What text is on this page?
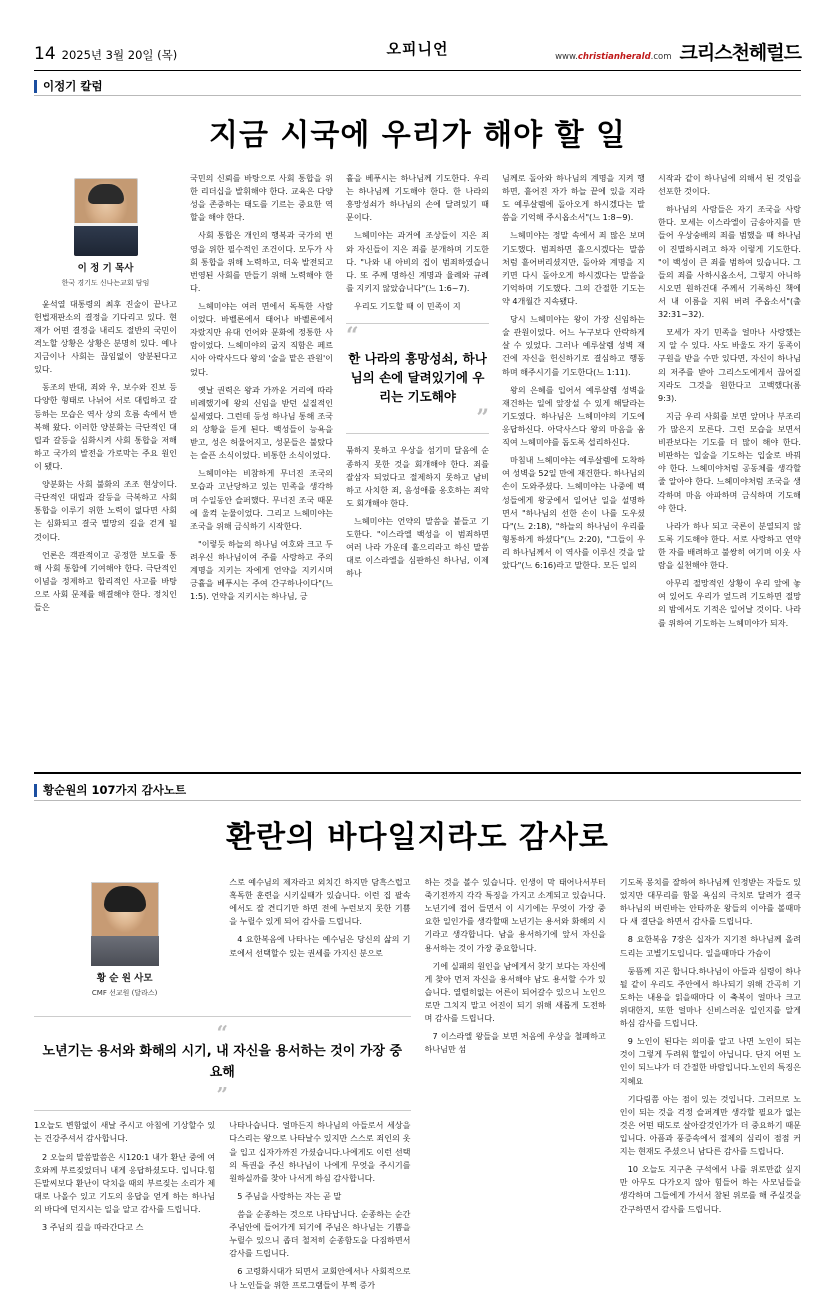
14 2025년 3월 20일 (목)	오피니언	www.christianherald.com 크리스천헤럴드
이정기 칼럼
지금 시국에 우리가 해야 할 일
이 정 기 목사
한국 경기도 신나는교회 담임

윤석열 대통령의 최후 진술이 끝나고 헌법재판소의 결정을 기다리고 있다. 현재가 어떤 결정을 내리도 절반의 국민이 격노할 상황은 상황은 분명히 있다. 예나 지금이나 사회는 끊임없이 양분된다고 있다.

동조의 반대, 죄와 우, 보수와 진보 등 다양한 형태로 나뉘어 서로 대립하고 갈등하는 모습은 역사 상의 흐름 속에서 반복해 왔다. 이러한 양분화는 극단적인 대립과 갈등을 심화시켜 사회 통합을 저해하고 국가의 발전을 가로막는 주요 원인이 됐다.

양분화는 사회 불화의 조조 현상이다. 극단적인 대립과 갈등을 극복하고 사회 통합을 이루기 위한 노력이 없다면 사회는 심화되고 결국 멸망의 길을 걷게 될 것이다.

언론은 객관적이고 공정한 보도를 통해 사회 통합에 기여해야 한다. 극단적인 이념을 정제하고 합리적인 사고를 바탕으로 사회 문제를 해결해야 한다. 정치인들은

국민의 신뢰를 바탕으로 사회 통합을 위한 리더십을 발휘해야 한다. 교육은 다양성을 존중하는 태도를 기르는 중요한 역할을 해야 한다.

사회 통합은 개인의 행복과 국가의 번영을 위한 필수적인 조건이다. 모두가 사회 통합을 위해 노력하고, 더욱 발전되고 번영된 사회를 만들기 위해 노력해야 한다.

느헤미야는 여러 면에서 독특한 사람이었다. 바벨론에서 태어나 바벨론에서 자랐지만 유대 언어와 문화에 정통한 사람이었다. 느헤미야의 굽지 직함은 페르시아 아락사드다 왕의 '술을 맡은 관원'이었다.

옛날 권력은 왕과 가까운 거리에 따라 비례했기에 왕의 신임을 받던 실질적인 실세였다. 그런데 등성 하나님 통해 조국의 상황을 듣게 된다. 백성들이 능욕을 받고, 성은 허물어지고, 성문들은 불탔다는 슬픈 소식이었다. 비통한 소식이었다.

느헤미야는 비참하게 무너진 조국의 모습과 고난당하고 있는 민족을 생각하며 수일동안 슬퍼했다. 무너진 조국 때문에 울컥 눈물이었다. 그리고 느헤미야는 조국을 위해 금식하기 시작한다.

"이렇듯 하늘의 하나님 여호와 크고 두려우신 하나님이여 주를 사랑하고 주의 계명을 지키는 자에게 언약을 지키시며 긍휼을 베푸시는 주여 간구하나이다"(느 1:5). 언약을 지키시는 하나님, 긍

휼을 베푸시는 하나님께 기도한다. 우리는 하나님께 기도해야 한다. 한 나라의 흥망성쇠가 하나님의 손에 달려있기 때문이다.

느헤미야는 과거에 조상들이 지은 죄와 자신들이 지은 죄를 분개하며 기도한다. "나와 내 아비의 집이 범죄하였습니다. 또 주께 명하신 계명과 율례와 규례를 지키지 않았습니다"(느 1:6~7).

우리도 기도할 때 이 민족이 지

“
한 나라의 흥망성쇠, 하나님의 손에 달려있기에 우리는 기도해야
”

묶하지 못하고 우상을 섬기미 달음에 순종하지 못한 것을 회개해야 한다. 죄를 잘삼자 되었다고 절제하지 못하고 남비하고 사치한 죄, 음성애를 옹호하는 죄악도 회개해야 한다.

느헤미야는 언약의 말씀을 붙들고 기도한다. "이스라엘 백성을 이 범죄하면 여러 나라 가운데 흩으리라고 하신 말씀대로 이스라엘을 심판하신 하나님, 이제 하나

님께로 돌아와 하나님의 계명을 지켜 행하면, 흩어진 자가 하늘 끝에 있을 지라도 예루살렘에 돌아오게 하시겠다는 말씀을 기억해 주시옵소서"(느 1:8~9).

느헤미야는 정말 속에서 죄 많은 보며 기도했다. 범죄하면 흩으시겠다는 말씀처럼 흩어버리셨지만, 돌아와 계명을 지키면 다시 돌아오게 하시겠다는 말씀을 기억하며 기도했다. 그의 간절한 기도는 약 4개월간 지속됐다.

당시 느헤미야는 왕이 가장 신임하는 술 관원이었다. 어느 누구보다 안락하게 살 수 있었다. 그러나 예루살렘 성벽 재건에 자신을 헌신하기로 결심하고 행동하며 해주시기를 기도한다(느 1:11).

왕의 은혜를 입어서 예루살렘 성벽을 재건하는 일에 앞장설 수 있게 해달라는 기도였다. 하나님은 느헤미야의 기도에 응답하신다. 아닥사스다 왕의 마음을 움직여 느헤미야를 돕도록 섭리하신다.

마침내 느헤미야는 예루살렘에 도착하여 성벽을 52일 만에 재건한다. 하나님의 손이 도와주셨다. 느헤미야는 나중에 백성들에게 왕궁에서 일어난 일을 설명하면서 "하나님의 선한 손이 나를 도우셨다"(느 2:18), "하늘의 하나님이 우리를 형통하게 하셨다"(느 2:20), "그들이 우리 하나님께서 이 역사를 이루신 것을 알았다"(느 6:16)라고 말한다. 모든 일의

시작과 같이 하나님에 의해서 된 것임을 선포한 것이다.

하나님의 사람들은 자기 조국을 사랑한다. 모세는 이스라엘이 금송아지를 만들어 우상숭배의 죄를 범했을 때 하나님이 진멸하시려고 하자 이렇게 기도한다. "이 백성이 큰 죄를 범하여 있습니다. 그들의 죄를 사하시옵소서, 그렇지 아니하시오면 원하건대 주께서 기록하신 책에서 내 이름을 지워 버려 주옵소서"(출 32:31~32).

모세가 자기 민족을 얼마나 사랑했는지 알 수 있다. 사도 바울도 자기 동족이 구원을 받을 수만 있다면, 자신이 하나님의 저주를 받아 그리스도에게서 끊어질지라도 그것을 원한다고 고백했다(롬 9:3).

지금 우리 사회를 보면 앞머나 부조리가 많은지 모른다. 그런 모습을 보면서 비관보다는 기도를 더 많이 해야 한다. 비판하는 입술을 기도하는 입술로 바꿔야 한다. 느헤미야처럼 공동체를 생각할 줄 알아야 한다. 느헤미야처럼 조국을 생각하며 마음 아파하며 금식하며 기도해야 한다.

나라가 하나 되고 국론이 분열되지 않도록 기도해야 한다. 서로 사랑하고 연약한 자를 배려하고 불쌍히 여기며 이웃 사람을 실천해야 한다.

아무리 절망적인 상황이 우리 앞에 놓여 있어도 우리가 엎드려 기도하면 절망의 밤에서도 기적은 일어날 것이다. 나라를 위하여 기도하는 느헤미야가 되자.

황순원의 107가지 감사노트
환란의 바다일지라도 감사로
황 순 원 사모
CMF 선교원 (달라스)

스로 예수님의 제자라고 외치긴 하지만 담흑스럽고 혹독한 훈련을 시키실때가 있습니다. 이런 집 팔속에서도 잘 견디기만 하면 전에 누런보지 못한 기쁨을 누릴수 있게 되어 감사를 드립니다.

4 요한복음에 나타나는 예수님은 당신의 삶의 기로에서 선택할수 있는 권세를 가지신 분으로

“ 노년기는 용서와 화해의 시기, 내 자신을 용서하는 것이 가장 중요해 ”

1오늘도 변함없이 새날 주시고 아침에 기상할수 있는 건강주셔서 감사합니다.

2 오늘의 말씀말씀은 시120:1 내가 환난 중에 여호와께 부르짖었더니 내게 응답하셨도다. 입니다.힘든말씨보다 환난이 닥치을 때의 부르짖는 소리가 제대로 나올수 있고 기도의 응답을 얻게 하는 하나님의 바다에 던지시는 일을 알고 감사를 드립니다.

3 주님의 길을 따라간다고 스

나타나습니다. 얼마든지 하나님의 아들로서 세상을 다스리는 왕으로 나타날수 있지만 스스로 죄인의 옷을 입고 십자가까진 가셨습니다.나에게도 이런 선택의 특권을 주신 하나님이 나에게 무엇을 주시기를 원하실까를 찾아 나서게 하심 감사합니다.

5 주님을 사랑하는 자는 곧 말

씀을 순종하는 것으로 나타납니다. 순종하는 순간 주님안에 들어가게 되기에 주님은 하나님는 기쁨을 누릴수 있으니 좁더 철저히 순종함도을 다짐하면서 감사를 드립니다.

6 고령화시대가 되면서 교회안에서나 사회적으로나 노인들을 위한 프로그램들이 부쩍 증가

하는 것을 볼수 있습니다. 인생이 막 태어나서부터 죽기전까지 각각 특징을 가지고 소계되고 있습니다. 노년기에 접어 들면서 이 시기에는 무엇이 가장 중요한 일인가를 생각할때 노년기는 용서와 화해의 시기라고 생각합니다. 남을 용서하기에 앞서 자신을 용서하는 것이 가장 중요합니다.

기에 실패의 원인을 남에게서 찾기 보다는 자신에게 찾아 먼저 자신을 용서해야 남도 용서할 수가 있습니다. 열렬히없는 어른이 되어갈수 있으니 노인으로만 그치지 말고 어진이 되기 위해 새롭게 도전하며 감사를 드립니다.

7 이스라엘 왕들을 보면 처음에 우상을 철폐하고 하나님만 섬

기도록 몽치를 잘하여 하나님께 인정받는 자들도 있었지만 대무리를 함몰 욕심의 극치로 달려가 결국 하나님의 버린바는 안타까운 왕들의 이야를 볼때마다 새 결단을 하면서 감사를 드립니다.

8 요한복음 7장은 십자가 지기전 하나님께 올려드리는 고별기도입니다. 일을때마다 가슴이

둥뜸께 지곤 합니다.하나님이 아들과 심령이 하나될 같이 우리도 주안에서 하나되기 위해 간곡히 기도하는 내용을 읽을때마다 이 축복이 얼마나 크고 위대한지, 또한 얼마나 신비스러운 일인지를 알게 하심 감사를 드립니다.

9 노인이 된다는 의미를 알고 나면 노인이 되는 것이 그렇게 두려워 할일이 아닙니다. 단지 어떤 노인이 되느냐가 더 간절한 바람입니다.노인의 특징은 지혜요

기다림쯤 아는 점이 있는 것입니다. 그러므로 노인이 되는 것을 걱정 슬퍼계만 생각할 필요가 없는 것은 어떤 태도로 살아갈것인가가 더 중요하기 때문입니다. 아픔과 풍증속에서 절제의 심리이 점점 커지는 현재도 주셨으니 남다른 감사를 드립니다.

10 오늘도 지구촌 구석에서 나를 위로만값 싶지만 아무도 다가오지 않아 힘들어 하는 사모님들을 생각하며 그들에게 가서서 참된 위로를 해 주실것을 간구하면서 감사를 드립니다.
